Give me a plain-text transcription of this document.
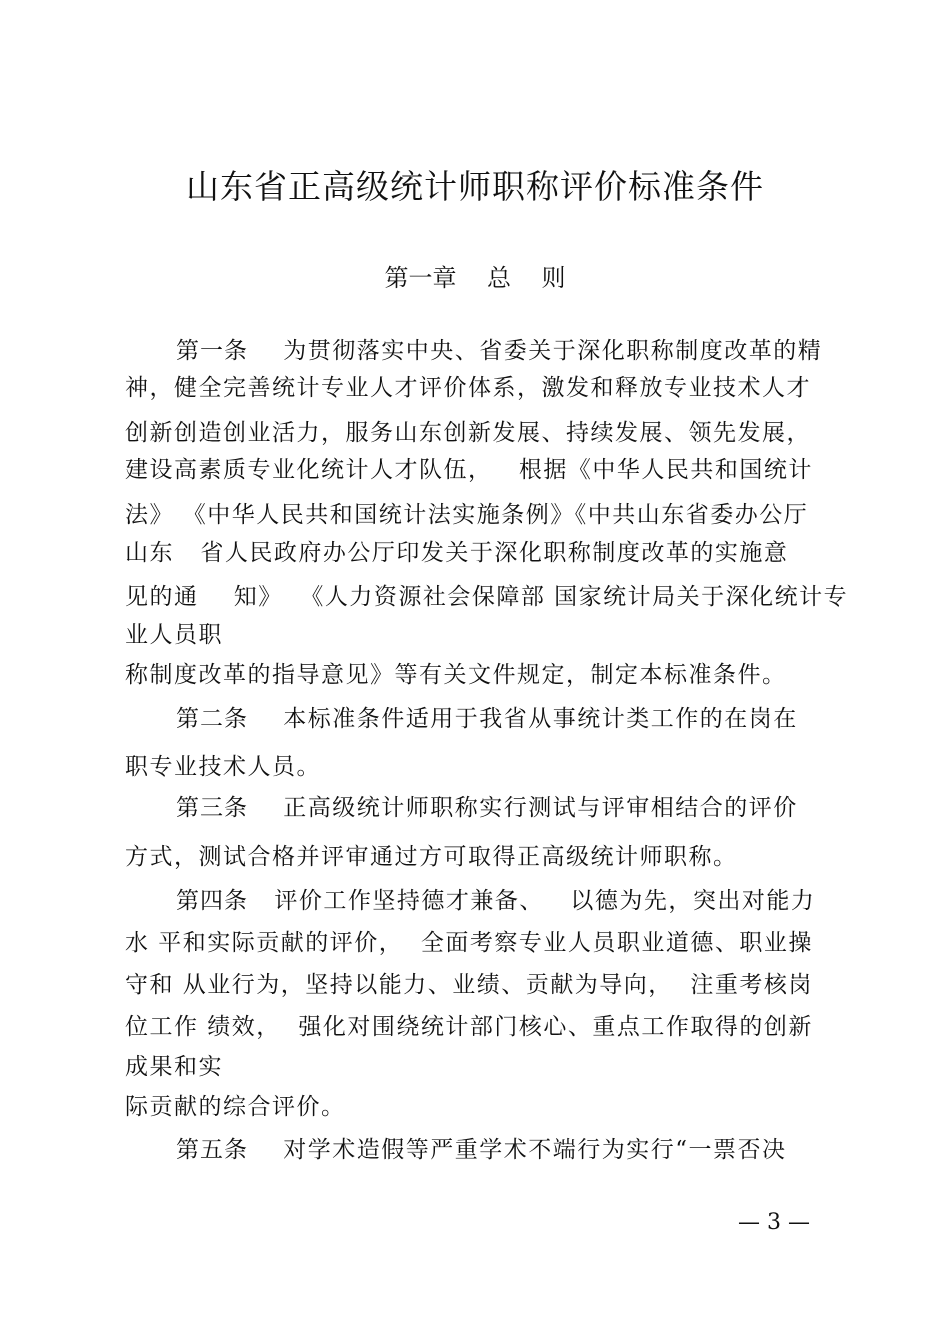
山东省正高级统计师职称评价标准条件
第一章    总    则
第一条    为贯彻落实中央、省委关于深化职称制度改革的精
神，健全完善统计专业人才评价体系，激发和释放专业技术人才
创新创造创业活力，服务山东创新发展、持续发展、领先发展，
建设高素质专业化统计人才队伍，   根据《中华人民共和国统计
法》 《中华人民共和国统计法实施条例》《中共山东省委办公厅
山东   省人民政府办公厅印发关于深化职称制度改革的实施意
见的通    知》  《人力资源社会保障部 国家统计局关于深化统计专
业人员职
称制度改革的指导意见》等有关文件规定，制定本标准条件。
第二条    本标准条件适用于我省从事统计类工作的在岗在
职专业技术人员。
第三条    正高级统计师职称实行测试与评审相结合的评价
方式，测试合格并评审通过方可取得正高级统计师职称。
第四条   评价工作坚持德才兼备、   以德为先，突出对能力
水 平和实际贡献的评价，  全面考察专业人员职业道德、职业操
守和 从业行为，坚持以能力、业绩、贡献为导向，  注重考核岗
位工作 绩效，  强化对围绕统计部门核心、重点工作取得的创新
成果和实
际贡献的综合评价。
第五条    对学术造假等严重学术不端行为实行“一票否决
— 3 —
